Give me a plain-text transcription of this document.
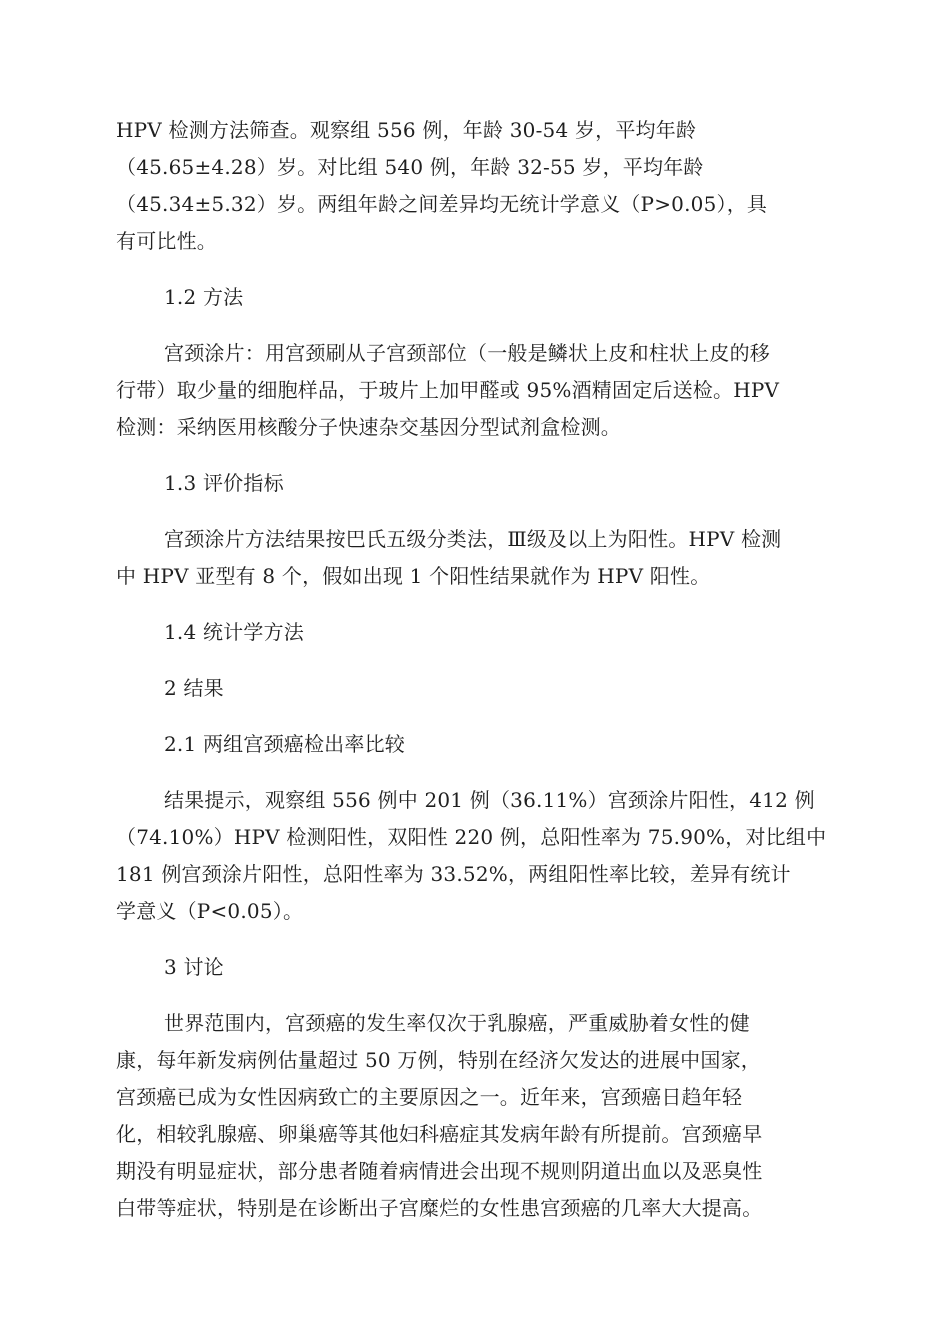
HPV 检测方法筛查。观察组 556 例，年龄 30-54 岁，平均年龄
（45.65±4.28）岁。对比组 540 例，年龄 32-55 岁，平均年龄
（45.34±5.32）岁。两组年龄之间差异均无统计学意义（P>0.05），具
有可比性。
1.2 方法
宫颈涂片：用宫颈刷从子宫颈部位（一般是鳞状上皮和柱状上皮的移
行带）取少量的细胞样品，于玻片上加甲醛或 95%酒精固定后送检。HPV
检测：采纳医用核酸分子快速杂交基因分型试剂盒检测。
1.3 评价指标
宫颈涂片方法结果按巴氏五级分类法，Ⅲ级及以上为阳性。HPV 检测
中 HPV 亚型有 8 个，假如出现 1 个阳性结果就作为 HPV 阳性。
1.4 统计学方法
2 结果
2.1 两组宫颈癌检出率比较
结果提示，观察组 556 例中 201 例（36.11%）宫颈涂片阳性，412 例
（74.10%）HPV 检测阳性，双阳性 220 例，总阳性率为 75.90%，对比组中
181 例宫颈涂片阳性，总阳性率为 33.52%，两组阳性率比较，差异有统计
学意义（P<0.05）。
3 讨论
世界范围内，宫颈癌的发生率仅次于乳腺癌，严重威胁着女性的健
康，每年新发病例估量超过 50 万例，特别在经济欠发达的进展中国家，
宫颈癌已成为女性因病致亡的主要原因之一。近年来，宫颈癌日趋年轻
化，相较乳腺癌、卵巢癌等其他妇科癌症其发病年龄有所提前。宫颈癌早
期没有明显症状，部分患者随着病情进会出现不规则阴道出血以及恶臭性
白带等症状，特别是在诊断出子宫糜烂的女性患宫颈癌的几率大大提高。
